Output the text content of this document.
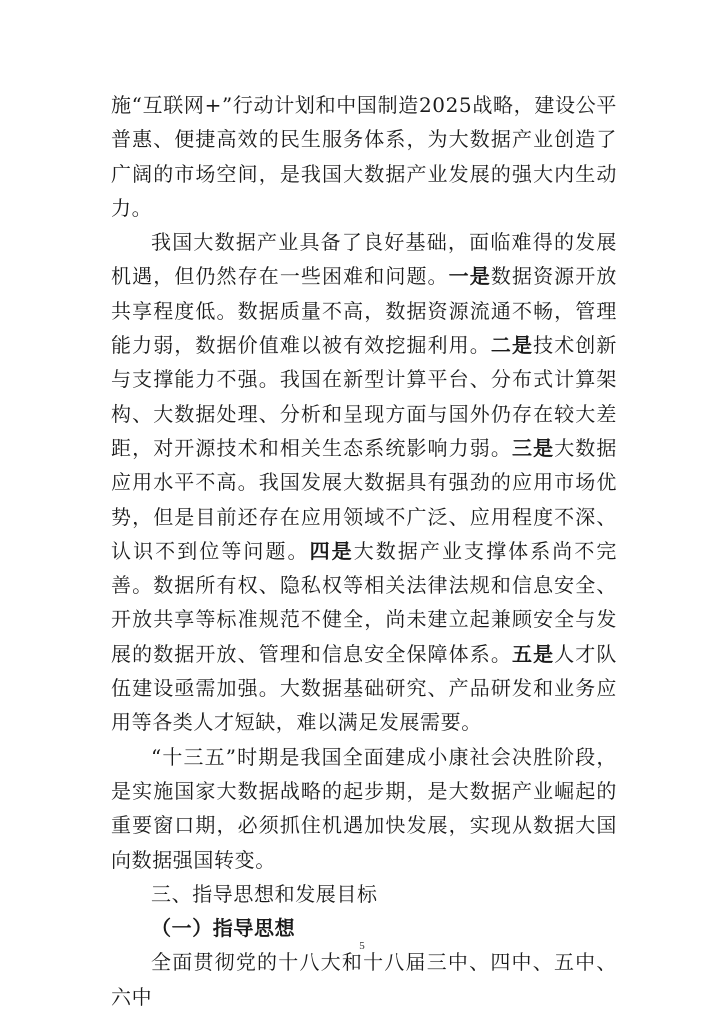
施“互联网+”行动计划和中国制造2025战略，建设公平普惠、便捷高效的民生服务体系，为大数据产业创造了广阔的市场空间，是我国大数据产业发展的强大内生动力。

我国大数据产业具备了良好基础，面临难得的发展机遇，但仍然存在一些困难和问题。一是数据资源开放共享程度低。数据质量不高，数据资源流通不畅，管理能力弱，数据价值难以被有效挖掘利用。二是技术创新与支撑能力不强。我国在新型计算平台、分布式计算架构、大数据处理、分析和呈现方面与国外仍存在较大差距，对开源技术和相关生态系统影响力弱。三是大数据应用水平不高。我国发展大数据具有强劲的应用市场优势，但是目前还存在应用领域不广泛、应用程度不深、认识不到位等问题。四是大数据产业支撑体系尚不完善。数据所有权、隐私权等相关法律法规和信息安全、开放共享等标准规范不健全，尚未建立起兼顾安全与发展的数据开放、管理和信息安全保障体系。五是人才队伍建设亟需加强。大数据基础研究、产品研发和业务应用等各类人才短缺，难以满足发展需要。

“十三五”时期是我国全面建成小康社会决胜阶段，是实施国家大数据战略的起步期，是大数据产业崛起的重要窗口期，必须抓住机遇加快发展，实现从数据大国向数据强国转变。

三、指导思想和发展目标

（一）指导思想

全面贯彻党的十八大和十八届三中、四中、五中、六中

5
